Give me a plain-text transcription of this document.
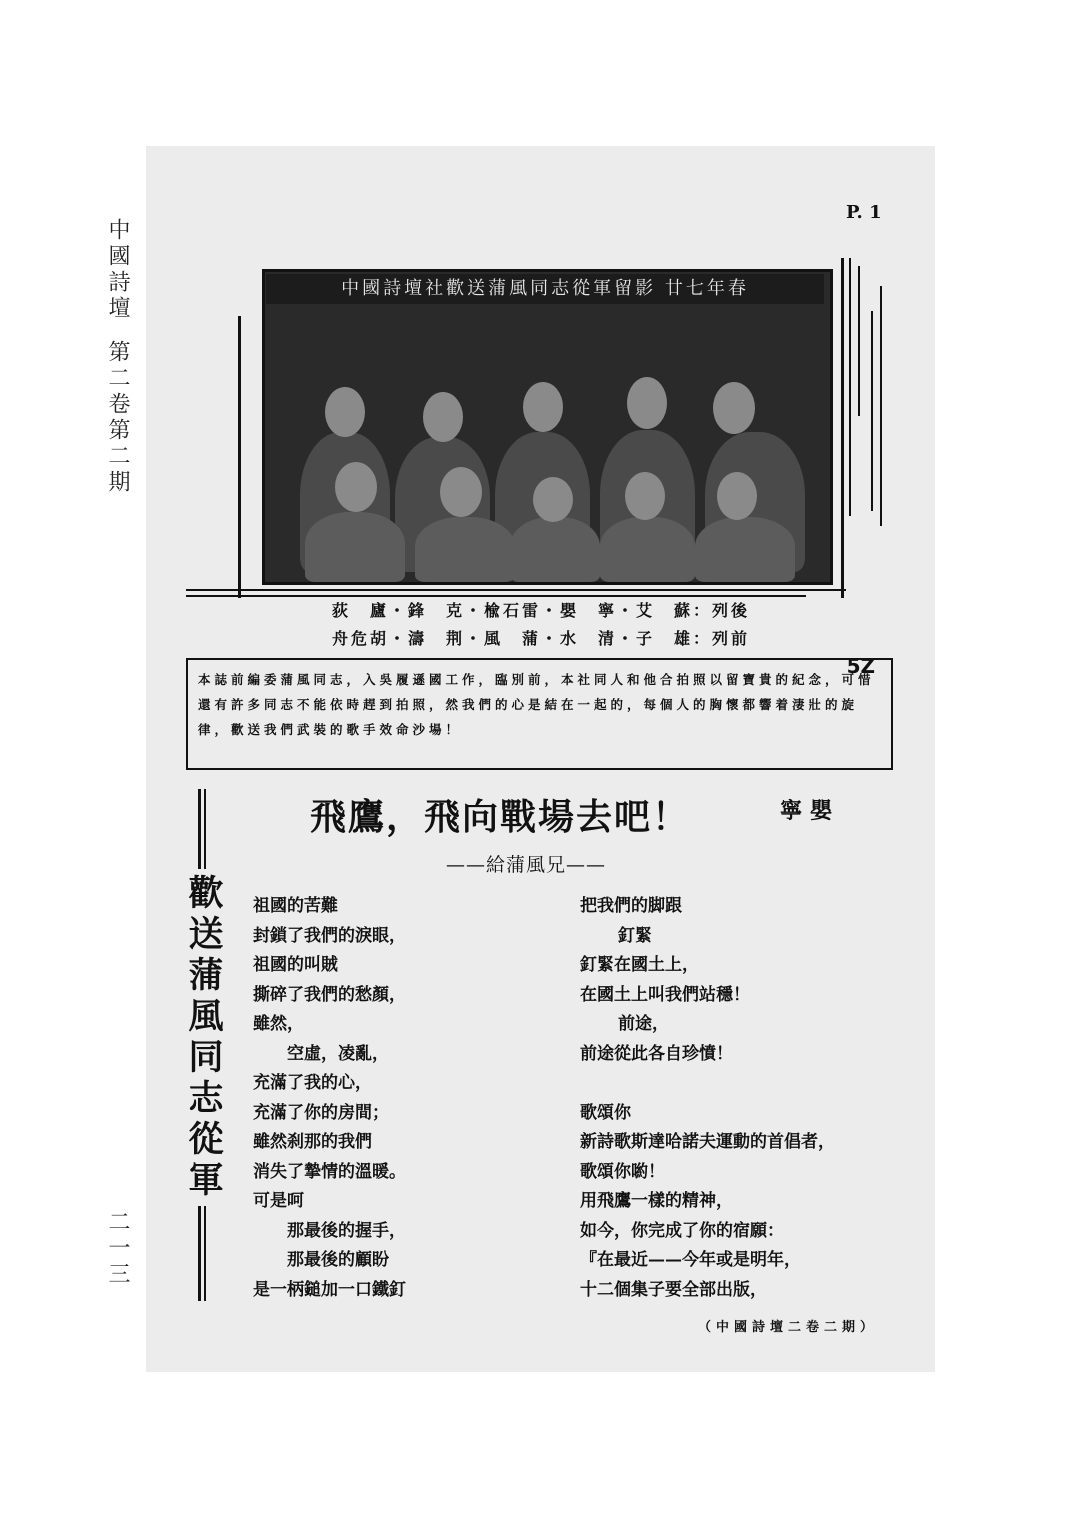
中國詩壇
第二卷第二期
二一三
P. 1
中國詩壇社歡送蒲風同志從軍留影 廿七年春
荻　廬・鋒　克・楡石雷・嬰　寧・艾　蘇：列後
舟危胡・濤　荆・風　蒲・水　清・子　雄：列前
本誌前編委蒲風同志，入吳履遜國工作，臨別前，本社同人和他合拍照以留寶貴的紀念，可惜還有許多同志不能依時趕到拍照，然我們的心是結在一起的，每個人的胸懷都響着淒壯的旋律，歡送我們武裝的歌手效命沙場！
5Z
歡送蒲風同志從軍
飛鷹，飛向戰場去吧！	寧嬰
——給蒲風兄——
祖國的苦難
封鎖了我們的淚眼，
祖國的叫賊
撕碎了我們的愁顏，
雖然，
空虛，凌亂，
充滿了我的心，
充滿了你的房間；
雖然刹那的我們
消失了摯情的溫暖。
可是呵
那最後的握手，
那最後的顧盼
是一柄鎚加一口鐵釘
把我們的脚跟
釘緊
釘緊在國土上，
在國土上叫我們站穩！
前途，
前途從此各自珍憤！
歌頌你
新詩歌斯達哈諾夫運動的首倡者，
歌頌你喲！
用飛鷹一樣的精神，
如今，你完成了你的宿願：
『在最近——今年或是明年，
十二個集子要全部出版，
（中國詩壇二卷二期）
